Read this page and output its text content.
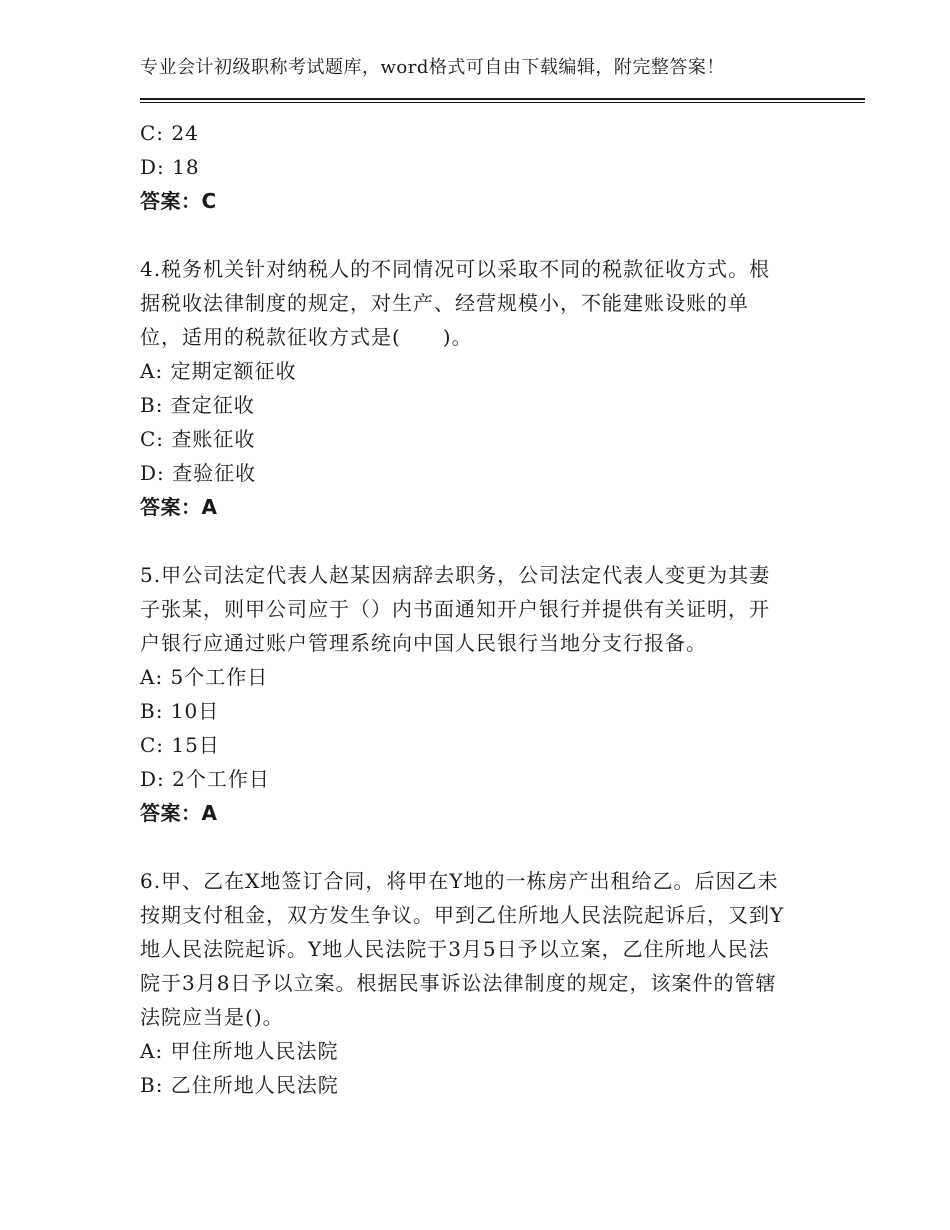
专业会计初级职称考试题库，word格式可自由下载编辑，附完整答案！
C: 24
D: 18
答案：C
4.税务机关针对纳税人的不同情况可以采取不同的税款征收方式。根
据税收法律制度的规定，对生产、经营规模小，不能建账设账的单
位，适用的税款征收方式是(　　)。
A: 定期定额征收
B: 查定征收
C: 查账征收
D: 查验征收
答案：A
5.甲公司法定代表人赵某因病辞去职务，公司法定代表人变更为其妻
子张某，则甲公司应于（）内书面通知开户银行并提供有关证明，开
户银行应通过账户管理系统向中国人民银行当地分支行报备。
A: 5个工作日
B: 10日
C: 15日
D: 2个工作日
答案：A
6.甲、乙在X地签订合同，将甲在Y地的一栋房产出租给乙。后因乙未
按期支付租金，双方发生争议。甲到乙住所地人民法院起诉后，又到Y
地人民法院起诉。Y地人民法院于3月5日予以立案，乙住所地人民法
院于3月8日予以立案。根据民事诉讼法律制度的规定，该案件的管辖
法院应当是()。
A: 甲住所地人民法院
B: 乙住所地人民法院
